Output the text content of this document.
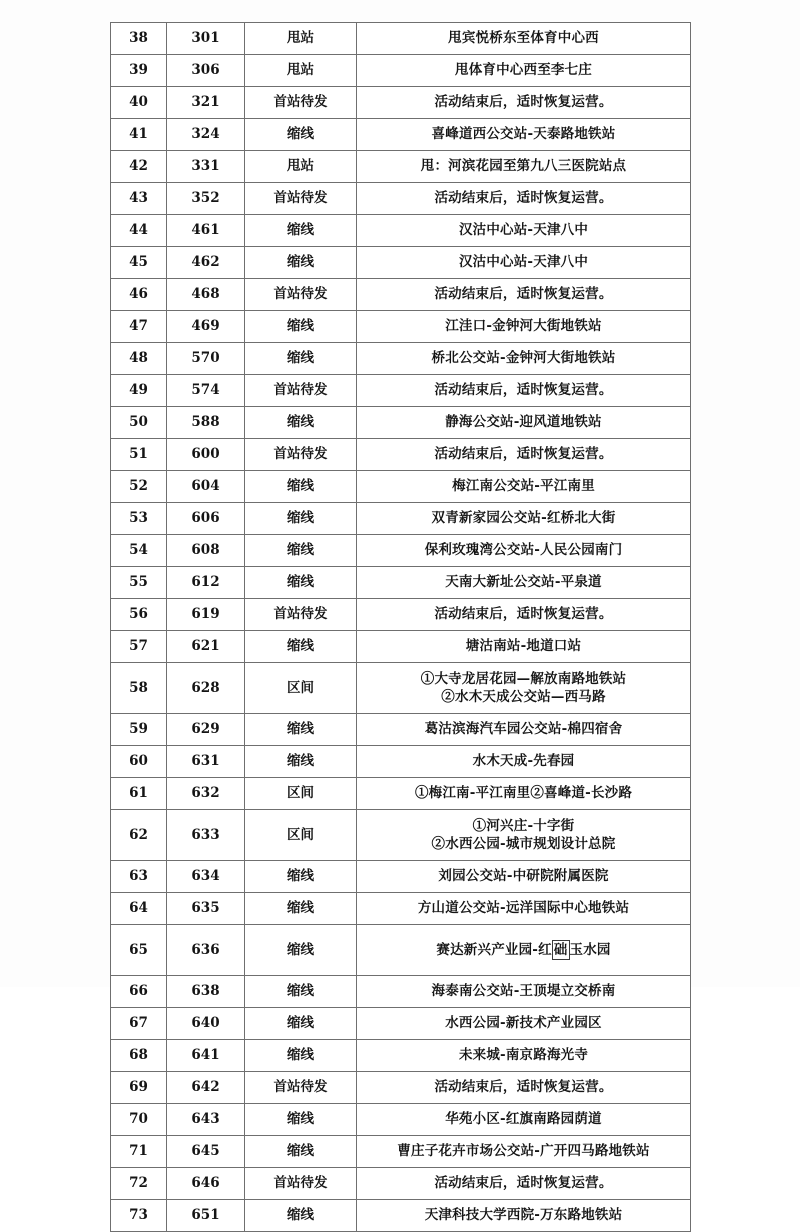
38	301	甩站	甩宾悦桥东至体育中心西
39	306	甩站	甩体育中心西至李七庄
40	321	首站待发	活动结束后，适时恢复运营。
41	324	缩线	喜峰道西公交站-天泰路地铁站
42	331	甩站	甩：河滨花园至第九八三医院站点
43	352	首站待发	活动结束后，适时恢复运营。
44	461	缩线	汉沽中心站-天津八中
45	462	缩线	汉沽中心站-天津八中
46	468	首站待发	活动结束后，适时恢复运营。
47	469	缩线	江洼口-金钟河大街地铁站
48	570	缩线	桥北公交站-金钟河大街地铁站
49	574	首站待发	活动结束后，适时恢复运营。
50	588	缩线	静海公交站-迎风道地铁站
51	600	首站待发	活动结束后，适时恢复运营。
52	604	缩线	梅江南公交站-平江南里
53	606	缩线	双青新家园公交站-红桥北大街
54	608	缩线	保利玫瑰湾公交站-人民公园南门
55	612	缩线	天南大新址公交站-平泉道
56	619	首站待发	活动结束后，适时恢复运营。
57	621	缩线	塘沽南站-地道口站
58	628	区间	①大寺龙居花园—解放南路地铁站
②水木天成公交站—西马路

59	629	缩线	葛沽滨海汽车园公交站-棉四宿舍
60	631	缩线	水木天成-先春园
61	632	区间	①梅江南-平江南里②喜峰道-长沙路
62	633	区间	①河兴庄-十字街
②水西公园-城市规划设计总院

63	634	缩线	刘园公交站-中研院附属医院
64	635	缩线	方山道公交站-远洋国际中心地铁站
65	636	缩线	赛达新兴产业园-红 础 玉水园
66	638	缩线	海泰南公交站-王顶堤立交桥南
67	640	缩线	水西公园-新技术产业园区
68	641	缩线	未来城-南京路海光寺
69	642	首站待发	活动结束后，适时恢复运营。
70	643	缩线	华苑小区-红旗南路园荫道
71	645	缩线	曹庄子花卉市场公交站-广开四马路地铁站
72	646	首站待发	活动结束后，适时恢复运营。
73	651	缩线	天津科技大学西院-万东路地铁站
